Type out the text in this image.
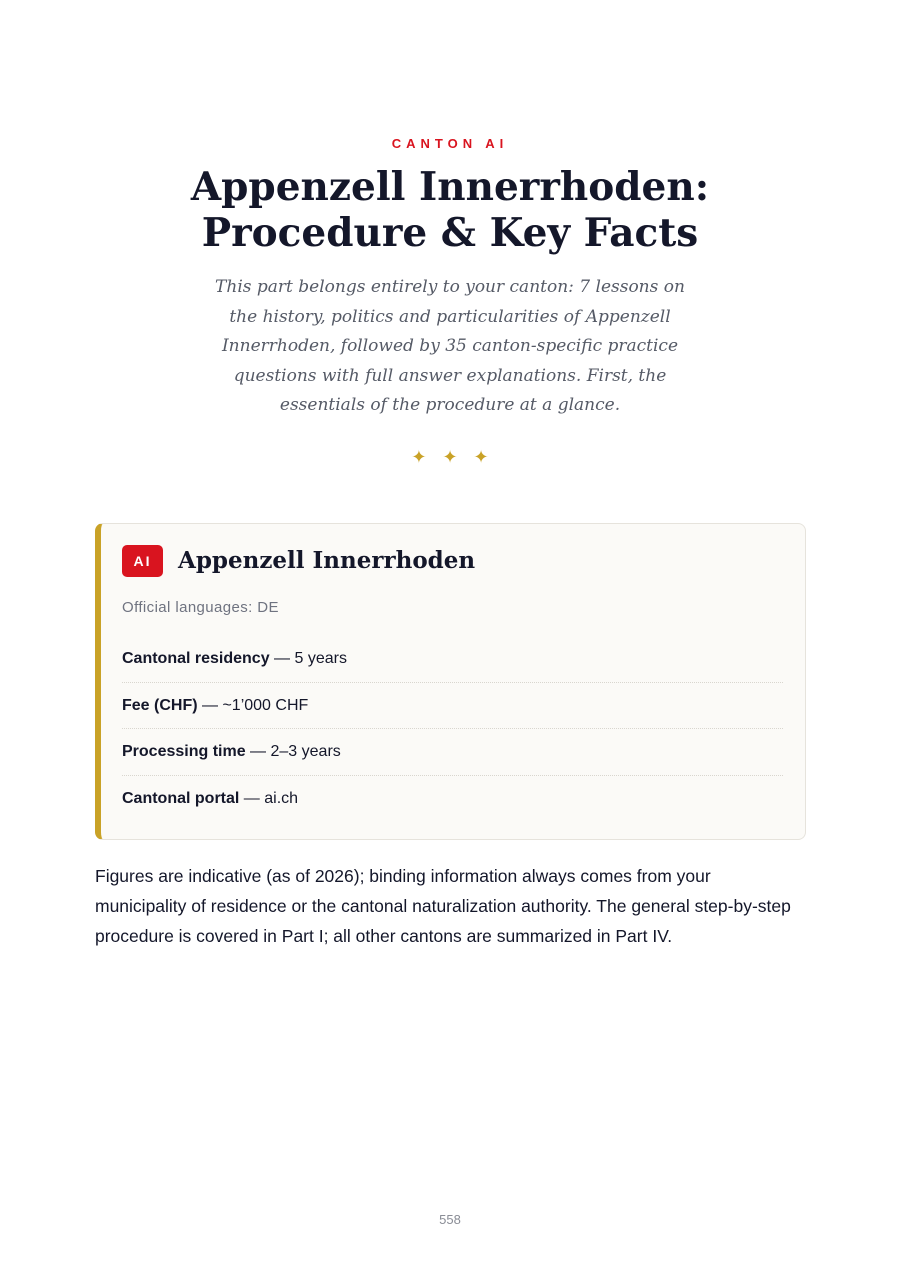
CANTON AI
Appenzell Innerrhoden:
Procedure & Key Facts

This part belongs entirely to your canton: 7 lessons on the history, politics and particularities of Appenzell Innerrhoden, followed by 35 canton-specific practice questions with full answer explanations. First, the essentials of the procedure at a glance.

✦✦✦
AI	Appenzell Innerrhoden
Official languages: DE
Cantonal residency — 5 years
Fee (CHF) — ~1’000 CHF
Processing time — 2–3 years
Cantonal portal — ai.ch

Figures are indicative (as of 2026); binding information always comes from your municipality of residence or the cantonal naturalization authority. The general step-by-step procedure is covered in Part I; all other cantons are summarized in Part IV.

558
